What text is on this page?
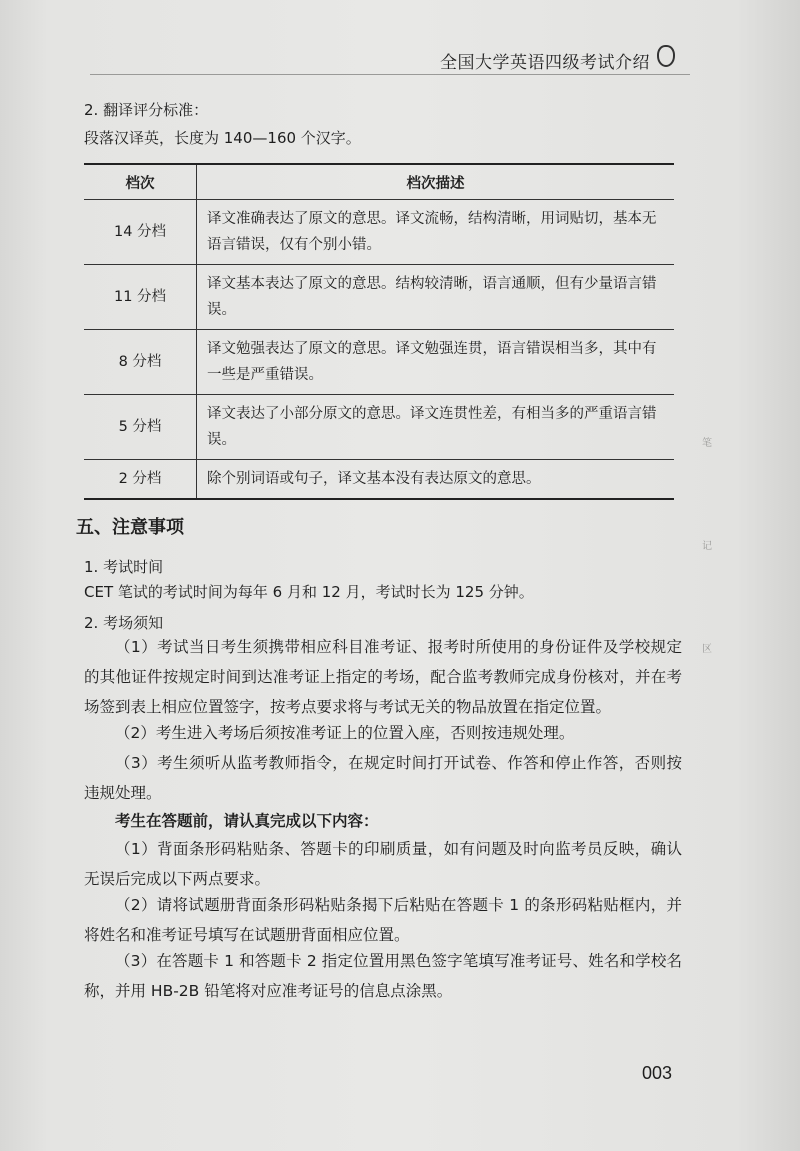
全国大学英语四级考试介绍
2. 翻译评分标准：
段落汉译英，长度为 140—160 个汉字。
档次	档次描述
14 分档	译文准确表达了原文的意思。译文流畅，结构清晰，用词贴切，基本无语言错误，仅有个别小错。
11 分档	译文基本表达了原文的意思。结构较清晰，语言通顺，但有少量语言错误。
8 分档	译文勉强表达了原文的意思。译文勉强连贯，语言错误相当多，其中有一些是严重错误。
5 分档	译文表达了小部分原文的意思。译文连贯性差，有相当多的严重语言错误。
2 分档	除个别词语或句子，译文基本没有表达原文的意思。
五、注意事项
1. 考试时间
CET 笔试的考试时间为每年 6 月和 12 月，考试时长为 125 分钟。
2. 考场须知
（1）考试当日考生须携带相应科目准考证、报考时所使用的身份证件及学校规定的其他证件按规定时间到达准考证上指定的考场，配合监考教师完成身份核对，并在考场签到表上相应位置签字，按考点要求将与考试无关的物品放置在指定位置。
（2）考生进入考场后须按准考证上的位置入座，否则按违规处理。
（3）考生须听从监考教师指令，在规定时间打开试卷、作答和停止作答，否则按违规处理。
考生在答题前，请认真完成以下内容：
（1）背面条形码粘贴条、答题卡的印刷质量，如有问题及时向监考员反映，确认无误后完成以下两点要求。
（2）请将试题册背面条形码粘贴条揭下后粘贴在答题卡 1 的条形码粘贴框内，并将姓名和准考证号填写在试题册背面相应位置。
（3）在答题卡 1 和答题卡 2 指定位置用黑色签字笔填写准考证号、姓名和学校名称，并用 HB-2B 铅笔将对应准考证号的信息点涂黑。
笔
记
区
003
